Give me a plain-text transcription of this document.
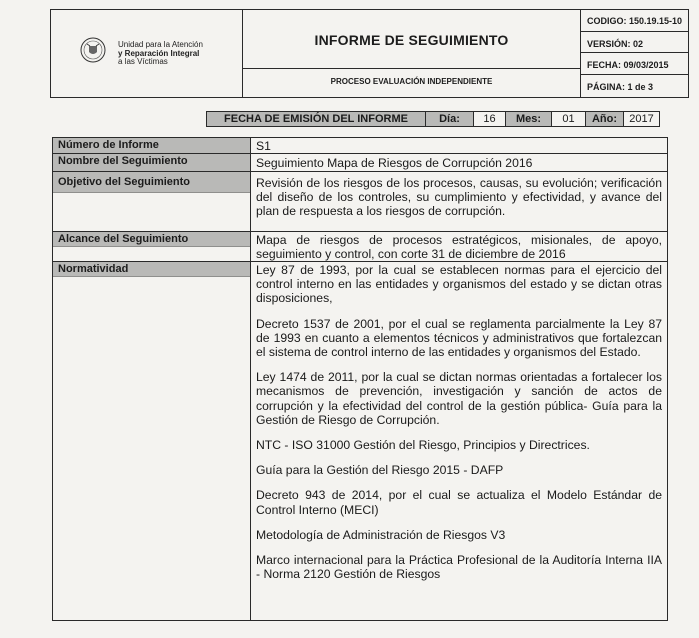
Unidad para la Atención
y Reparación Integral
a las Víctimas
INFORME DE SEGUIMIENTO
PROCESO EVALUACIÓN INDEPENDIENTE
CODIGO: 150.19.15-10
VERSIÓN: 02
FECHA: 09/03/2015
PÁGINA: 1 de 3
FECHA DE EMISIÓN DEL INFORME	Día:	16	Mes:	01	Año:	2017
Número de Informe	S1
Nombre del Seguimiento	Seguimiento Mapa de Riesgos de Corrupción 2016
Objetivo del Seguimiento	Revisión de los riesgos de los procesos, causas, su evolución; verificación del diseño de los controles, su cumplimiento y efectividad, y avance del plan de respuesta a los riesgos de corrupción.
Alcance del Seguimiento	Mapa de riesgos de procesos estratégicos, misionales, de apoyo, seguimiento y control, con corte 31 de diciembre de 2016
Normatividad	Ley 87 de 1993, por la cual se establecen normas para el ejercicio del control interno en las entidades y organismos del estado y se dictan otras disposiciones,
Decreto 1537 de 2001, por el cual se reglamenta parcialmente la Ley 87 de 1993 en cuanto a elementos técnicos y administrativos que fortalezcan el sistema de control interno de las entidades y organismos del Estado.
Ley 1474 de 2011, por la cual se dictan normas orientadas a fortalecer los mecanismos de prevención, investigación y sanción de actos de corrupción y la efectividad del control de la gestión pública- Guía para la Gestión de Riesgo de Corrupción.
NTC - ISO 31000 Gestión del Riesgo, Principios y Directrices.
Guía para la Gestión del Riesgo 2015 - DAFP
Decreto 943 de 2014, por el cual se actualiza el Modelo Estándar de Control Interno (MECI)
Metodología de Administración de Riesgos V3
Marco internacional para la Práctica Profesional de la Auditoría Interna IIA - Norma 2120 Gestión de Riesgos
